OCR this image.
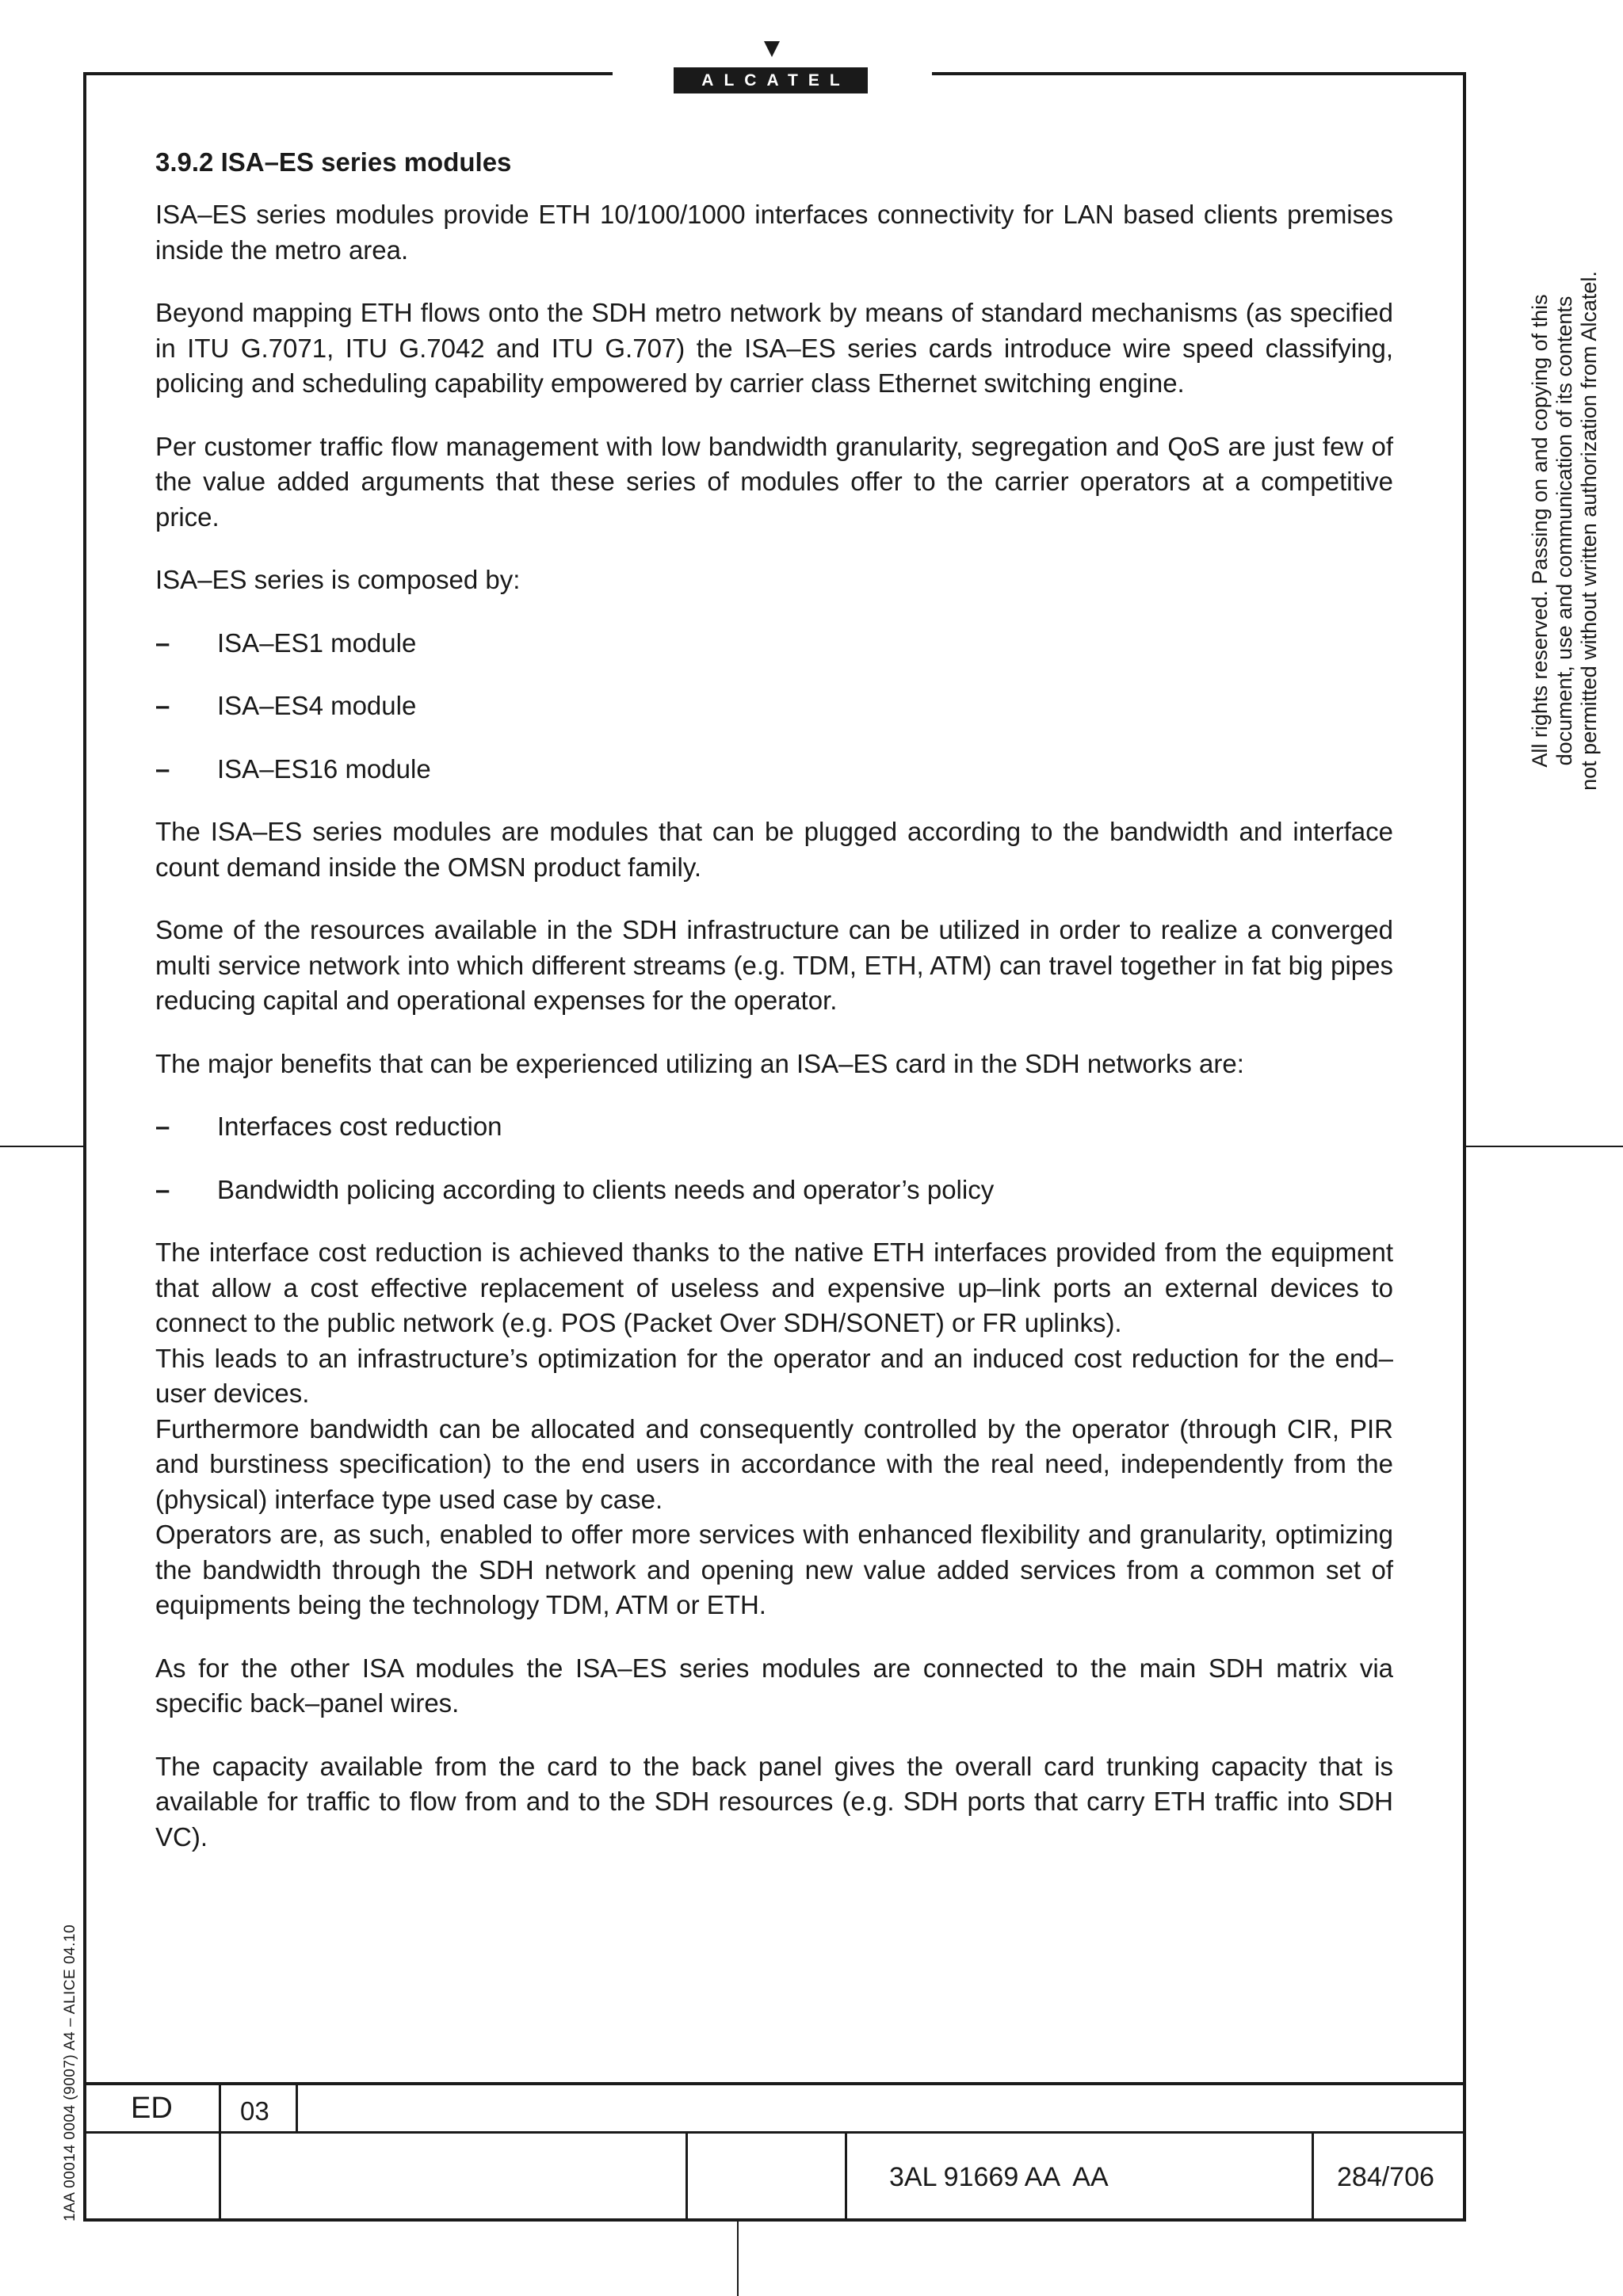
ALCATEL
All rights reserved. Passing on and copying of this document, use and communication of its contents not permitted without written authorization from Alcatel.
1AA 00014 0004 (9007) A4 – ALICE 04.10
3.9.2 ISA–ES series modules

ISA–ES series modules provide ETH 10/100/1000 interfaces connectivity for LAN based clients premises inside the metro area.

Beyond mapping ETH flows onto the SDH metro network by means of standard mechanisms (as specified in ITU G.7071, ITU G.7042 and ITU G.707) the ISA–ES series cards introduce wire speed classifying, policing and scheduling capability empowered by carrier class Ethernet switching engine.

Per customer traffic flow management with low bandwidth granularity, segregation and QoS are just few of the value added arguments that these series of modules offer to the carrier operators at a competitive price.

ISA–ES series is composed by:

–	ISA–ES1 module
–	ISA–ES4 module
–	ISA–ES16 module

The ISA–ES series modules are modules that can be plugged according to the bandwidth and interface count demand inside the OMSN product family.

Some of the resources available in the SDH infrastructure can be utilized in order to realize a converged multi service network into which different streams (e.g. TDM, ETH, ATM) can travel together in fat big pipes reducing capital and operational expenses for the operator.

The major benefits that can be experienced utilizing an ISA–ES card in the SDH networks are:

–	Interfaces cost reduction
–	Bandwidth policing according to clients needs and operator’s policy

The interface cost reduction is achieved thanks to the native ETH interfaces provided from the equipment that allow a cost effective replacement of useless and expensive up–link ports an external devices to connect to the public network (e.g. POS (Packet Over SDH/SONET) or FR uplinks).

This leads to an infrastructure’s optimization for the operator and an induced cost reduction for the end–user devices.

Furthermore bandwidth can be allocated and consequently controlled by the operator (through CIR, PIR and burstiness specification) to the end users in accordance with the real need, independently from the (physical) interface type used case by case.

Operators are, as such, enabled to offer more services with enhanced flexibility and granularity, optimizing the bandwidth through the SDH network and opening new value added services from a common set of equipments being the technology TDM, ATM or ETH.

As for the other ISA modules the ISA–ES series modules are connected to the main SDH matrix via specific back–panel wires.

The capacity available from the card to the back panel gives the overall card trunking capacity that is available for traffic to flow from and to the SDH resources (e.g. SDH ports that carry ETH traffic into SDH VC).

ED	03
3AL 91669 AA  AA	284/706
